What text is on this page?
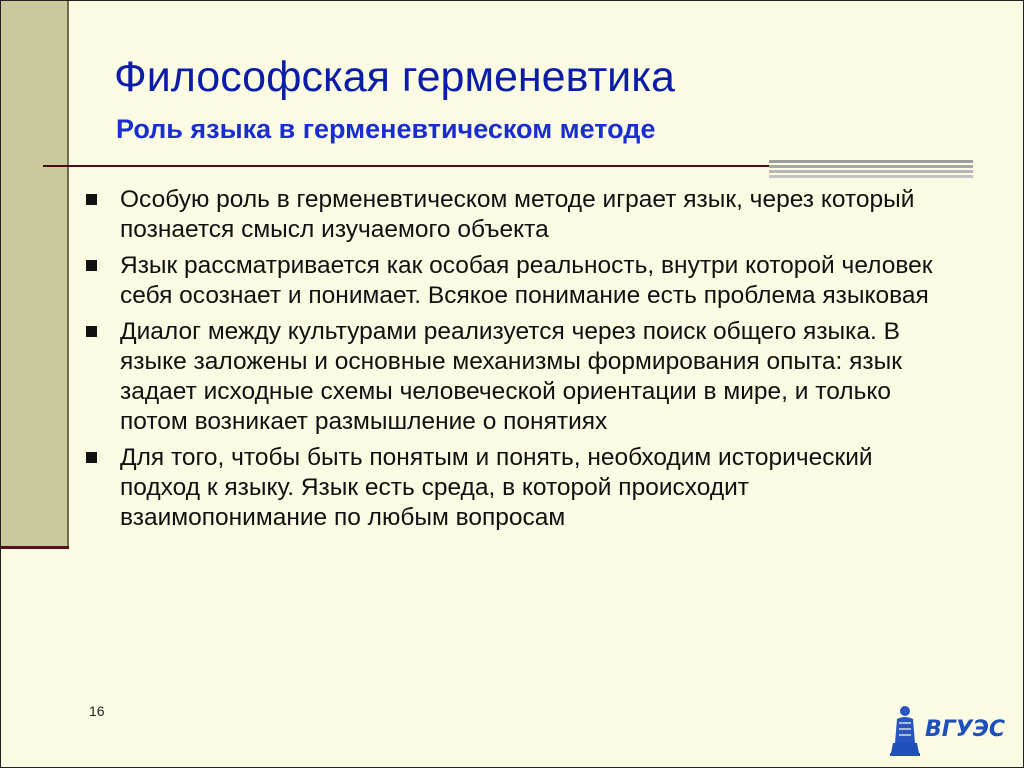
Философская герменевтика
Роль языка в герменевтическом методе
Особую роль в герменевтическом методе играет язык, через который познается смысл изучаемого объекта
Язык рассматривается как особая реальность, внутри которой человек себя осознает и понимает. Всякое понимание есть проблема языковая
Диалог между культурами реализуется через поиск общего языка. В языке заложены и основные механизмы формирования опыта: язык задает исходные схемы человеческой ориентации в мире, и только потом возникает размышление о понятиях
Для того, чтобы быть понятым и понять, необходим исторический подход к языку. Язык есть среда, в которой происходит взаимопонимание по любым вопросам
16
ВГУЭС
